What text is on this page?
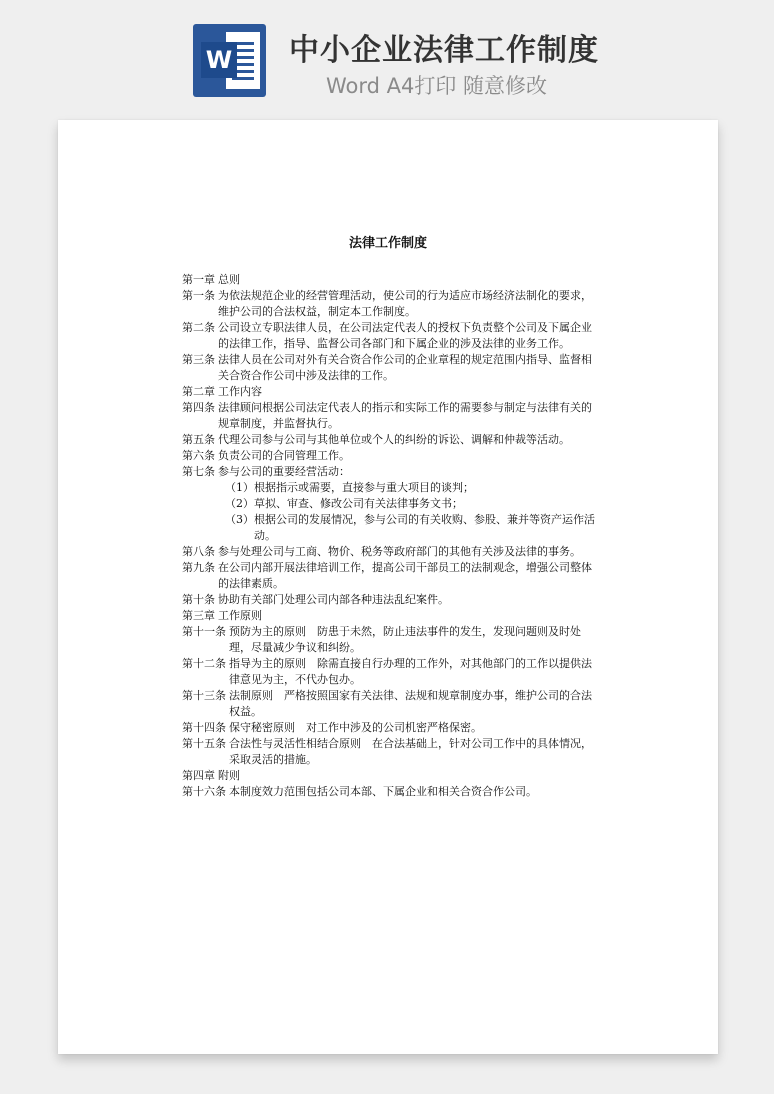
W 中小企业法律工作制度
Word A4打印 随意修改
法律工作制度
第一章 总则
第一条 为依法规范企业的经营管理活动，使公司的行为适应市场经济法制化的要求，维护公司的合法权益，制定本工作制度。
第二条 公司设立专职法律人员，在公司法定代表人的授权下负责整个公司及下属企业的法律工作，指导、监督公司各部门和下属企业的涉及法律的业务工作。
第三条 法律人员在公司对外有关合资合作公司的企业章程的规定范围内指导、监督相关合资合作公司中涉及法律的工作。
第二章 工作内容
第四条 法律顾问根据公司法定代表人的指示和实际工作的需要参与制定与法律有关的规章制度，并监督执行。
第五条 代理公司参与公司与其他单位或个人的纠纷的诉讼、调解和仲裁等活动。
第六条 负责公司的合同管理工作。
第七条 参与公司的重要经营活动：
（1） 根据指示或需要，直接参与重大项目的谈判；
（2） 草拟、审查、修改公司有关法律事务文书；
（3） 根据公司的发展情况，参与公司的有关收购、参股、兼并等资产运作活动。
第八条 参与处理公司与工商、物价、税务等政府部门的其他有关涉及法律的事务。
第九条 在公司内部开展法律培训工作，提高公司干部员工的法制观念，增强公司整体的法律素质。
第十条 协助有关部门处理公司内部各种违法乱纪案件。
第三章 工作原则
第十一条 预防为主的原则　防患于未然，防止违法事件的发生，发现问题则及时处理，尽量减少争议和纠纷。
第十二条 指导为主的原则　除需直接自行办理的工作外，对其他部门的工作以提供法律意见为主，不代办包办。
第十三条 法制原则　严格按照国家有关法律、法规和规章制度办事，维护公司的合法权益。
第十四条 保守秘密原则　对工作中涉及的公司机密严格保密。
第十五条 合法性与灵活性相结合原则　在合法基础上，针对公司工作中的具体情况，采取灵活的措施。
第四章 附则
第十六条 本制度效力范围包括公司本部、下属企业和相关合资合作公司。
